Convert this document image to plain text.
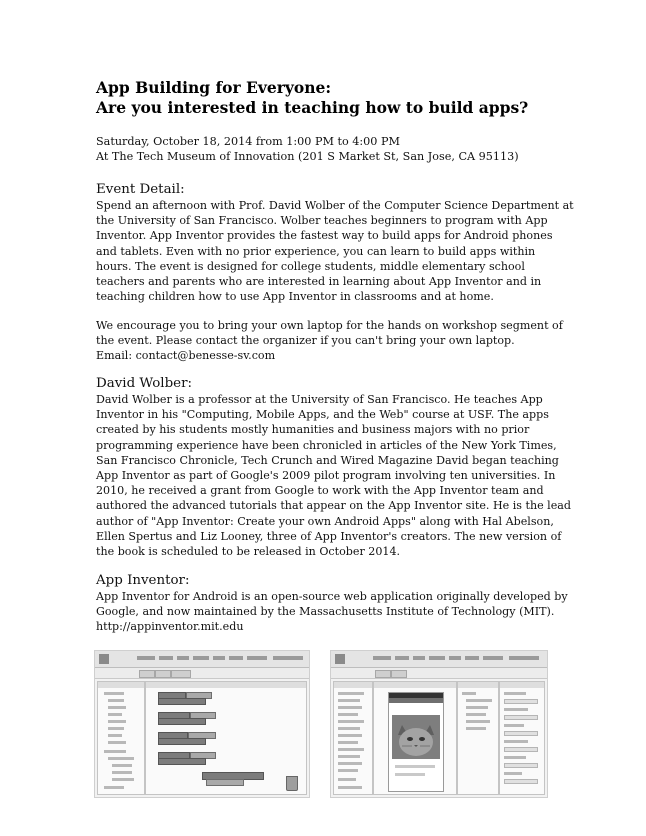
App Building for Everyone:
Are you interested in teaching how to build apps?
Saturday, October 18, 2014 from 1:00 PM to 4:00 PM
At The Tech Museum of Innovation (201 S Market St, San Jose, CA 95113)
Event Detail:
Spend an afternoon with Prof. David Wolber of the Computer Science Department at
the University of San Francisco. Wolber teaches beginners to program with App
Inventor. App Inventor provides the fastest way to build apps for Android phones
and tablets. Even with no prior experience, you can learn to build apps within
hours. The event is designed for college students, middle elementary school
teachers and parents who are interested in learning about App Inventor and in
teaching children how to use App Inventor in classrooms and at home.
We encourage you to bring your own laptop for the hands on workshop segment of
the event. Please contact the organizer if you can't bring your own laptop.
Email: contact@benesse-sv.com
David Wolber:
David Wolber is a professor at the University of San Francisco. He teaches App
Inventor in his "Computing, Mobile Apps, and the Web" course at USF. The apps
created by his students mostly humanities and business majors with no prior
programming experience have been chronicled in articles of the New York Times,
San Francisco Chronicle, Tech Crunch and Wired Magazine David began teaching
App Inventor as part of Google's 2009 pilot program involving ten universities. In
2010, he received a grant from Google to work with the App Inventor team and
authored the advanced tutorials that appear on the App Inventor site. He is the lead
author of "App Inventor: Create your own Android Apps" along with Hal Abelson,
Ellen Spertus and Liz Looney, three of App Inventor's creators. The new version of
the book is scheduled to be released in October 2014.
App Inventor:
App Inventor for Android is an open-source web application originally developed by
Google, and now maintained by the Massachusetts Institute of Technology (MIT).
http://appinventor.mit.edu
